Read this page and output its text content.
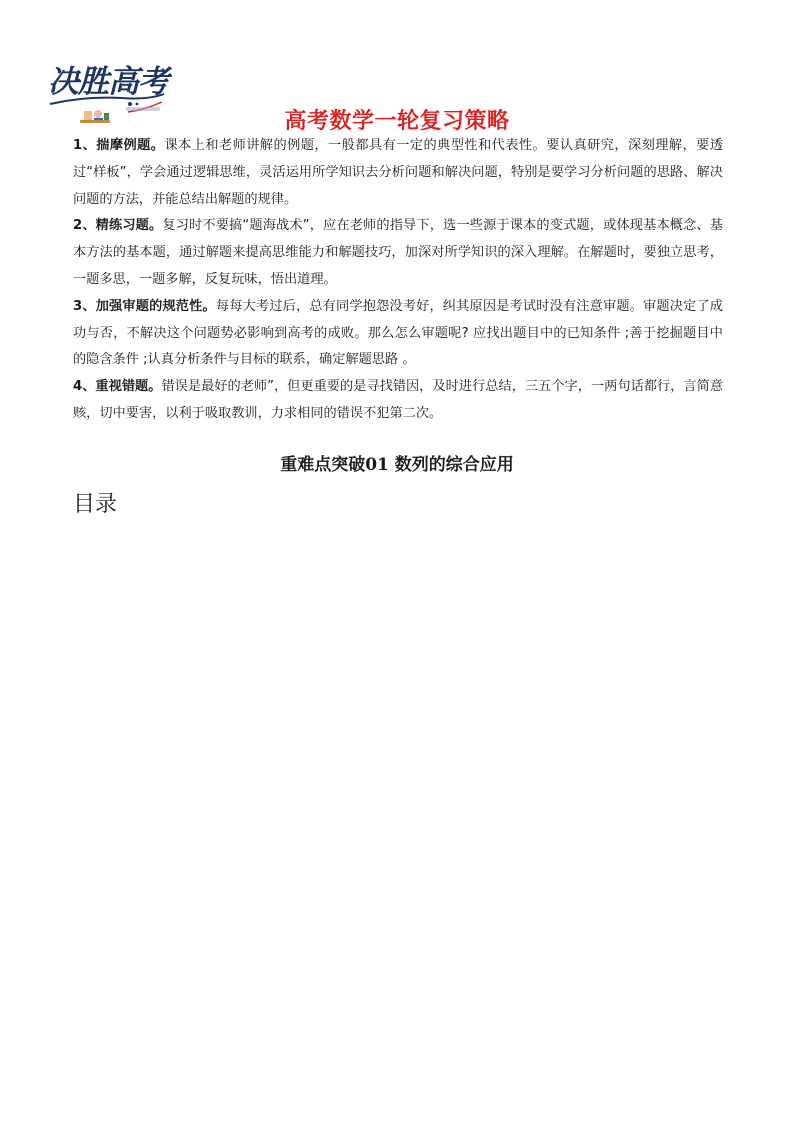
决胜高考
高考数学一轮复习策略

1、揣摩例题。课本上和老师讲解的例题，一般都具有一定的典型性和代表性。要认真研究，深刻理解，要透过“样板”，学会通过逻辑思维，灵活运用所学知识去分析问题和解决问题，特别是要学习分析问题的思路、解决问题的方法，并能总结出解题的规律。

2、精练习题。复习时不要搞“题海战术”，应在老师的指导下，选一些源于课本的变式题，或体现基本概念、基本方法的基本题，通过解题来提高思维能力和解题技巧，加深对所学知识的深入理解。在解题时，要独立思考，一题多思，一题多解，反复玩味，悟出道理。

3、加强审题的规范性。每每大考过后，总有同学抱怨没考好，纠其原因是考试时没有注意审题。审题决定了成功与否，不解决这个问题势必影响到高考的成败。那么怎么审题呢? 应找出题目中的已知条件 ;善于挖掘题目中的隐含条件 ;认真分析条件与目标的联系，确定解题思路 。

4、重视错题。错误是最好的老师”，但更重要的是寻找错因，及时进行总结，三五个字，一两句话都行，言简意赅，切中要害，以利于吸取教训，力求相同的错误不犯第二次。

重难点突破01 数列的综合应用
目录
